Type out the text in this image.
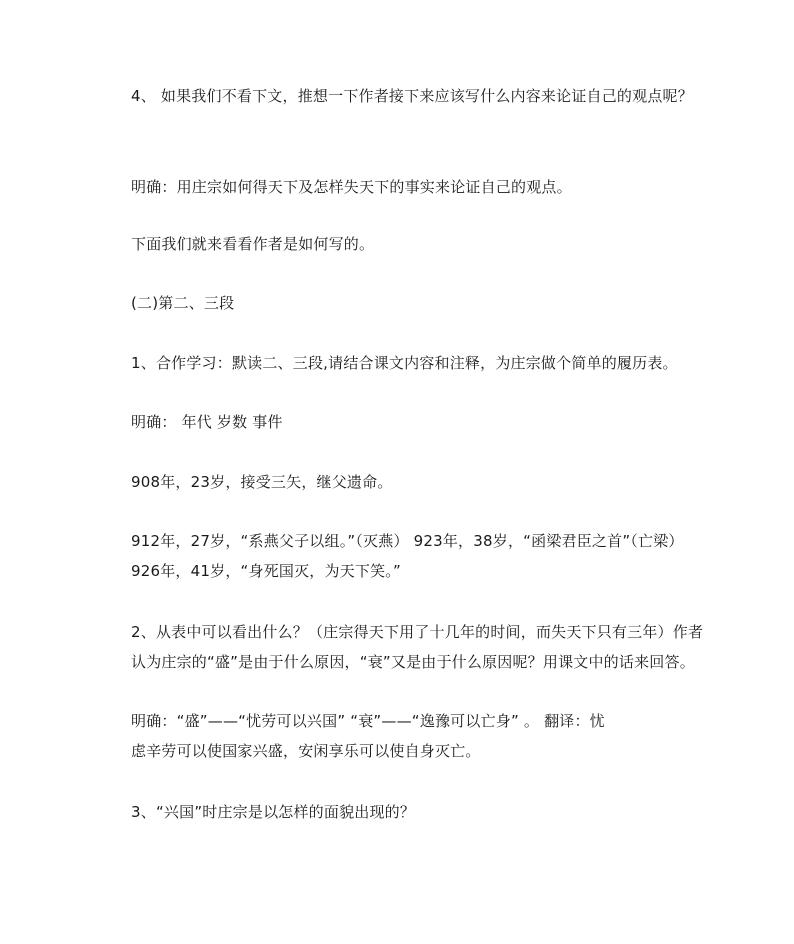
4、 如果我们不看下文，推想一下作者接下来应该写什么内容来论证自己的观点呢？
明确：用庄宗如何得天下及怎样失天下的事实来论证自己的观点。
下面我们就来看看作者是如何写的。
(二)第二、三段
1、合作学习：默读二、三段,请结合课文内容和注释，为庄宗做个简单的履历表。
明确： 年代 岁数 事件
908年，23岁，接受三矢，继父遗命。
912年，27岁，“系燕父子以组。”（灭燕） 923年，38岁，“函梁君臣之首”（亡梁）
926年，41岁，“身死国灭，为天下笑。”
2、从表中可以看出什么？（庄宗得天下用了十几年的时间，而失天下只有三年）作者
认为庄宗的“盛”是由于什么原因，“衰”又是由于什么原因呢？用课文中的话来回答。
明确：“盛”——“忧劳可以兴国” “衰”——“逸豫可以亡身” 。 翻译：忧
虑辛劳可以使国家兴盛，安闲享乐可以使自身灭亡。
3、“兴国”时庄宗是以怎样的面貌出现的？
